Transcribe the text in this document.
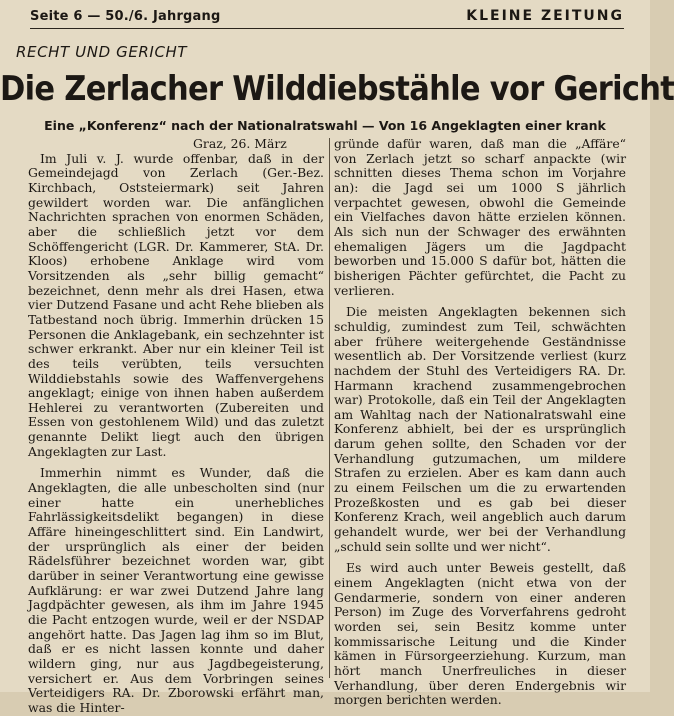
Seite 6 — 50./6. Jahrgang	KLEINE ZEITUNG
RECHT UND GERICHT
Die Zerlacher Wilddiebstähle vor Gericht
Eine „Konferenz“ nach der Nationalratswahl — Von 16 Angeklagten einer krank
Graz, 26. März

Im Juli v. J. wurde offenbar, daß in der Gemeindejagd von Zerlach (Ger.-Bez. Kirchbach, Oststeiermark) seit Jahren gewildert worden war. Die anfänglichen Nachrichten sprachen von enormen Schäden, aber die schließlich jetzt vor dem Schöffengericht (LGR. Dr. Kammerer, StA. Dr. Kloos) erhobene Anklage wird vom Vorsitzenden als „sehr billig gemacht“ bezeichnet, denn mehr als drei Hasen, etwa vier Dutzend Fasane und acht Rehe blieben als Tatbestand noch übrig. Immerhin drücken 15 Personen die Anklagebank, ein sechzehnter ist schwer erkrankt. Aber nur ein kleiner Teil ist des teils verübten, teils versuchten Wilddiebstahls sowie des Waffenvergehens angeklagt; einige von ihnen haben außerdem Hehlerei zu verantworten (Zubereiten und Essen von gestohlenem Wild) und das zuletzt genannte Delikt liegt auch den übrigen Angeklagten zur Last.

Immerhin nimmt es Wunder, daß die Angeklagten, die alle unbescholten sind (nur einer hatte ein unerhebliches Fahrlässigkeitsdelikt begangen) in diese Affäre hineingeschlittert sind. Ein Landwirt, der ursprünglich als einer der beiden Rädelsführer bezeichnet worden war, gibt darüber in seiner Verantwortung eine gewisse Aufklärung: er war zwei Dutzend Jahre lang Jagdpächter gewesen, als ihm im Jahre 1945 die Pacht entzogen wurde, weil er der NSDAP angehört hatte. Das Jagen lag ihm so im Blut, daß er es nicht lassen konnte und daher wildern ging, nur aus Jagdbegeisterung, versichert er. Aus dem Vorbringen seines Verteidigers RA. Dr. Zborowski erfährt man, was die Hinter-

gründe dafür waren, daß man die „Affäre“ von Zerlach jetzt so scharf anpackte (wir schnitten dieses Thema schon im Vorjahre an): die Jagd sei um 1000 S jährlich verpachtet gewesen, obwohl die Gemeinde ein Vielfaches davon hätte erzielen können. Als sich nun der Schwager des erwähnten ehemaligen Jägers um die Jagdpacht beworben und 15.000 S dafür bot, hätten die bisherigen Pächter gefürchtet, die Pacht zu verlieren.

Die meisten Angeklagten bekennen sich schuldig, zumindest zum Teil, schwächten aber frühere weitergehende Geständnisse wesentlich ab. Der Vorsitzende verliest (kurz nachdem der Stuhl des Verteidigers RA. Dr. Harmann krachend zusammengebrochen war) Protokolle, daß ein Teil der Angeklagten am Wahltag nach der Nationalratswahl eine Konferenz abhielt, bei der es ursprünglich darum gehen sollte, den Schaden vor der Verhandlung gutzumachen, um mildere Strafen zu erzielen. Aber es kam dann auch zu einem Feilschen um die zu erwartenden Prozeßkosten und es gab bei dieser Konferenz Krach, weil angeblich auch darum gehandelt wurde, wer bei der Verhandlung „schuld sein sollte und wer nicht“.

Es wird auch unter Beweis gestellt, daß einem Angeklagten (nicht etwa von der Gendarmerie, sondern von einer anderen Person) im Zuge des Vorverfahrens gedroht worden sei, sein Besitz komme unter kommissarische Leitung und die Kinder kämen in Fürsorgeerziehung. Kurzum, man hört manch Unerfreuliches in dieser Verhandlung, über deren Endergebnis wir morgen berichten werden.
